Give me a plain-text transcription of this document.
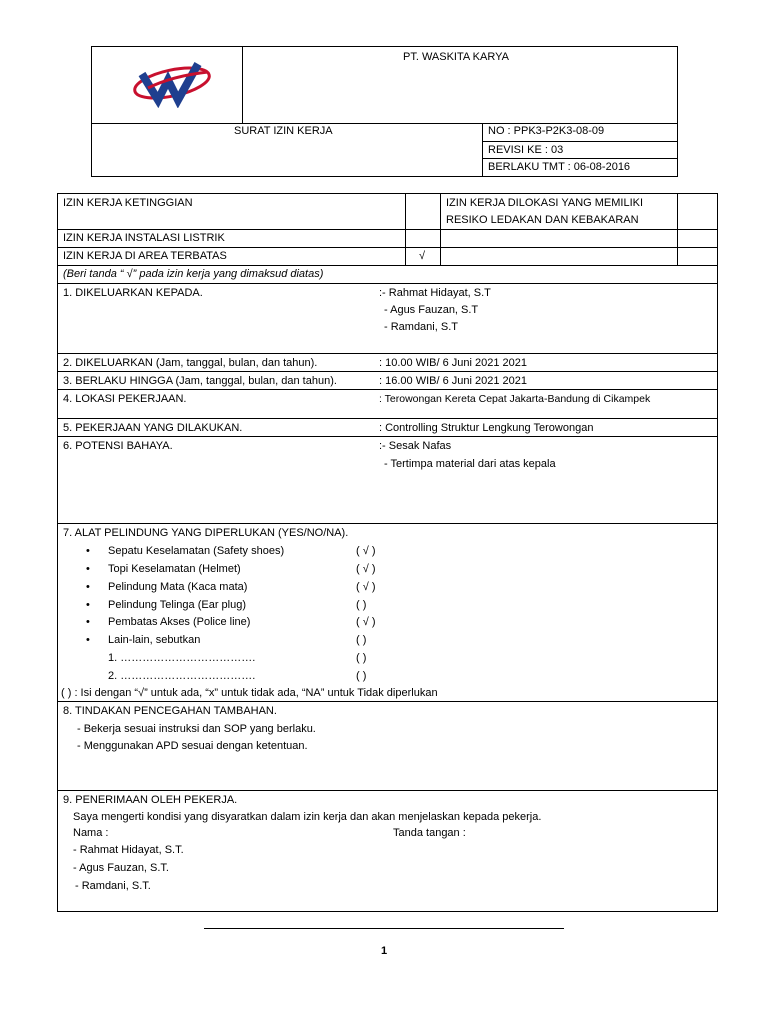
PT. WASKITA KARYA
SURAT IZIN KERJA	NO : PPK3-P2K3-08-09
REVISI KE : 03
BERLAKU TMT : 06-08-2016
IZIN KERJA KETINGGIAN	IZIN KERJA DILOKASI YANG MEMILIKI
RESIKO LEDAKAN DAN KEBAKARAN
IZIN KERJA INSTALASI LISTRIK
IZIN KERJA DI AREA TERBATAS	√
(Beri tanda “ √” pada izin kerja yang dimaksud diatas)
1. DIKELUARKAN KEPADA.	:- Rahmat Hidayat, S.T
- Agus Fauzan, S.T
- Ramdani, S.T
2. DIKELUARKAN (Jam, tanggal, bulan, dan tahun).	: 10.00 WIB/ 6 Juni 2021 2021
3. BERLAKU HINGGA (Jam, tanggal, bulan, dan tahun).	: 16.00 WIB/ 6 Juni 2021 2021
4. LOKASI PEKERJAAN.	: Terowongan Kereta Cepat Jakarta-Bandung di Cikampek
5. PEKERJAAN YANG DILAKUKAN.	: Controlling Struktur Lengkung Terowongan
6. POTENSI BAHAYA.	:- Sesak Nafas
- Tertimpa material dari atas kepala
7. ALAT PELINDUNG YANG DIPERLUKAN (YES/NO/NA).
• Sepatu Keselamatan (Safety shoes)	( √ )
• Topi Keselamatan (Helmet)	( √ )
• Pelindung Mata (Kaca mata)	( √ )
• Pelindung Telinga (Ear plug)	( )
• Pembatas Akses (Police line)	( √ )
• Lain-lain, sebutkan	( )
1. ……………………………….	( )
2. ……………………………….	( )
( ) : Isi dengan “√” untuk ada, “x” untuk tidak ada, “NA” untuk Tidak diperlukan
8. TINDAKAN PENCEGAHAN TAMBAHAN.
- Bekerja sesuai instruksi dan SOP yang berlaku.
- Menggunakan APD sesuai dengan ketentuan.
9. PENERIMAAN OLEH PEKERJA.
Saya mengerti kondisi yang disyaratkan dalam izin kerja dan akan menjelaskan kepada pekerja.
Nama :	Tanda tangan :
- Rahmat Hidayat, S.T.
- Agus Fauzan, S.T.
- Ramdani, S.T.
1
